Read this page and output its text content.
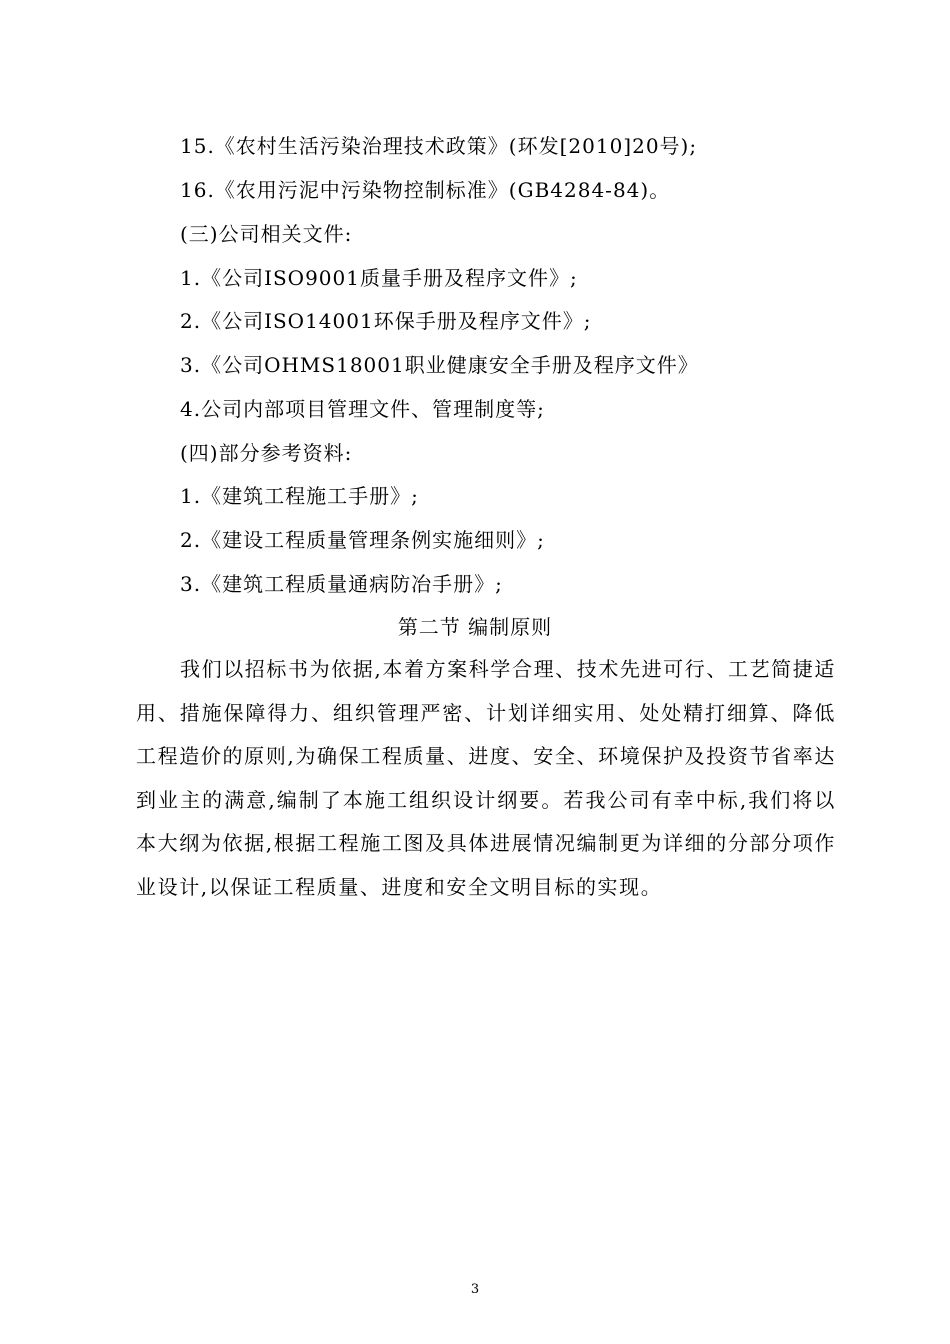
15.《农村生活污染治理技术政策》(环发[2010]20号);
16.《农用污泥中污染物控制标准》(GB4284-84)。
(三)公司相关文件:
1.《公司ISO9001质量手册及程序文件》;
2.《公司ISO14001环保手册及程序文件》;
3.《公司OHMS18001职业健康安全手册及程序文件》
4.公司内部项目管理文件、管理制度等;
(四)部分参考资料:
1.《建筑工程施工手册》;
2.《建设工程质量管理条例实施细则》;
3.《建筑工程质量通病防冶手册》;
第二节 编制原则
我们以招标书为依据,本着方案科学合理、技术先进可行、工艺简捷适用、措施保障得力、组织管理严密、计划详细实用、处处精打细算、降低工程造价的原则,为确保工程质量、进度、安全、环境保护及投资节省率达到业主的满意,编制了本施工组织设计纲要。若我公司有幸中标,我们将以本大纲为依据,根据工程施工图及具体进展情况编制更为详细的分部分项作业设计,以保证工程质量、进度和安全文明目标的实现。
3
